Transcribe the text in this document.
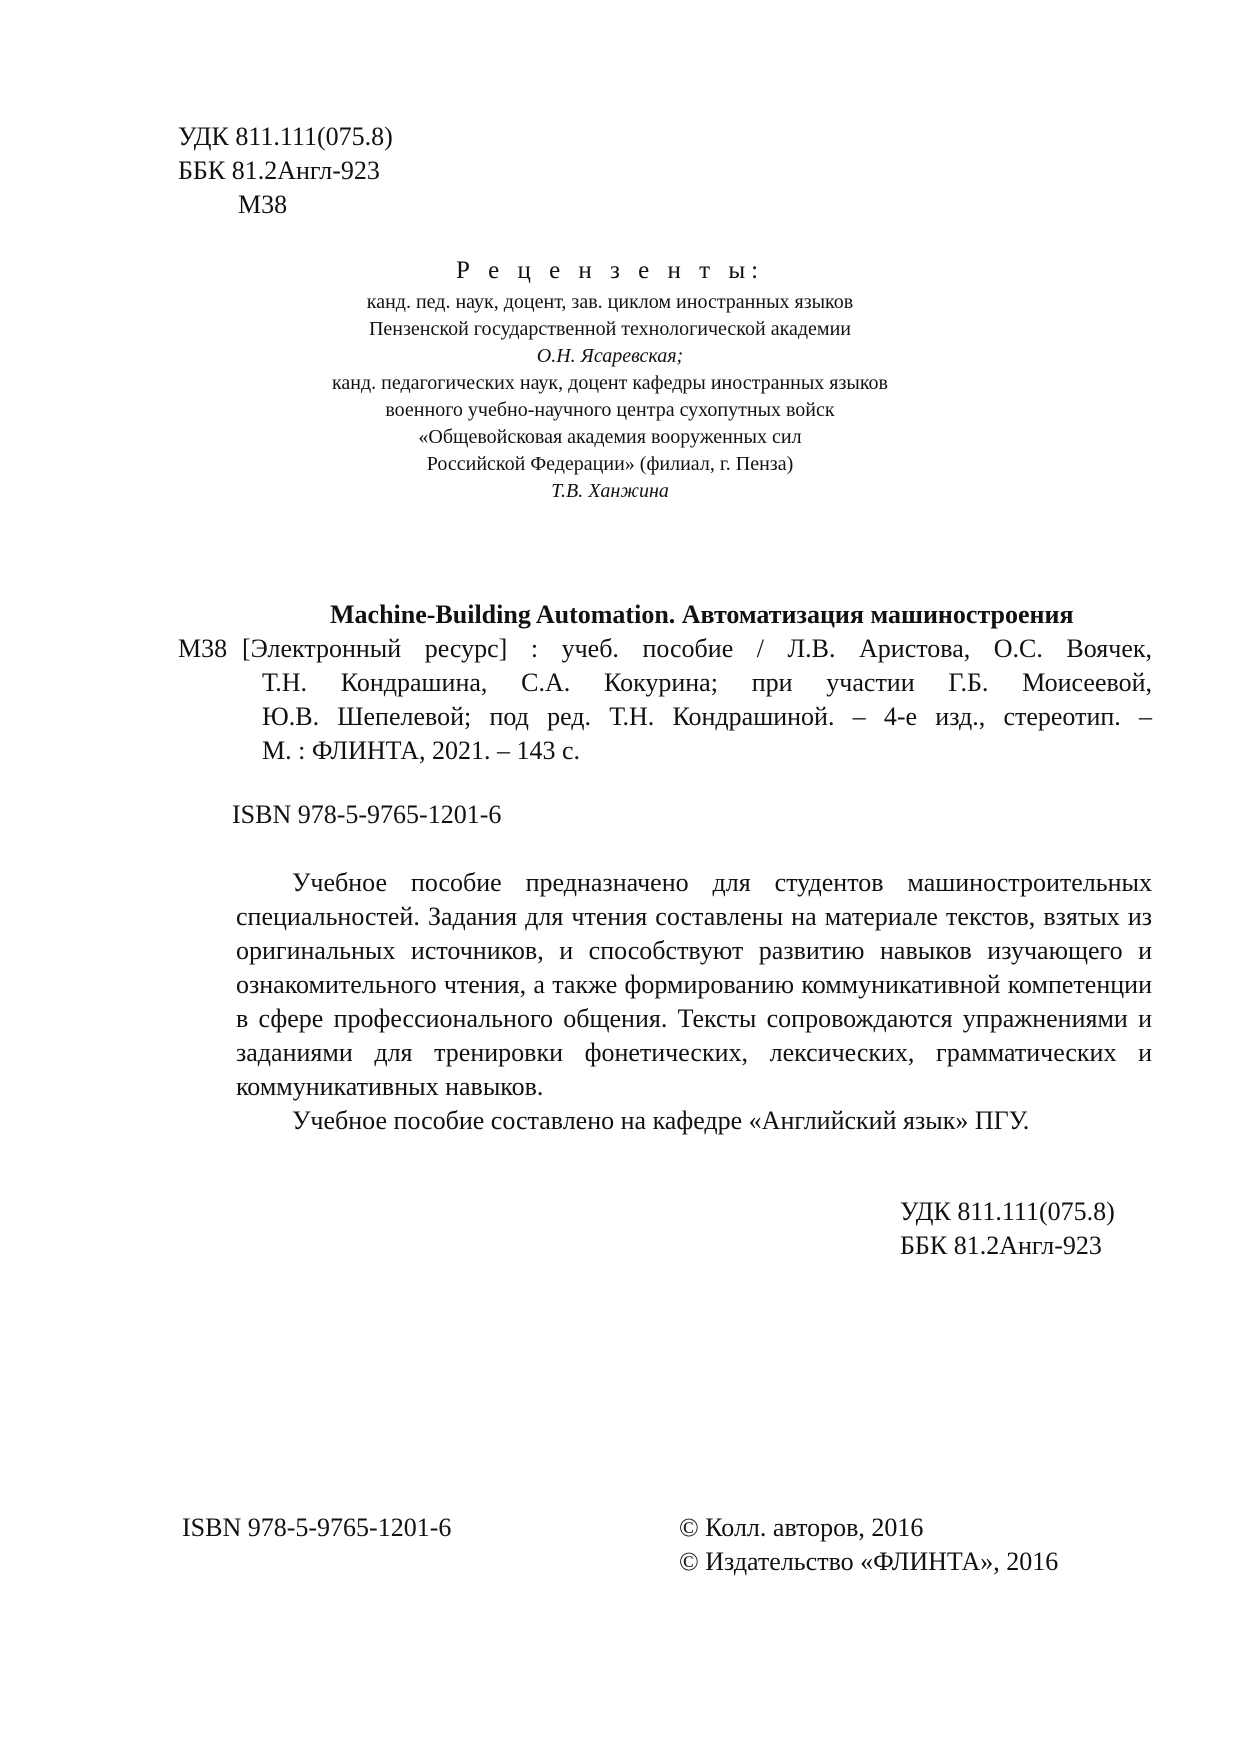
УДК 811.111(075.8)
ББК 81.2Англ-923
М38
Р е ц е н з е н т ы:
канд. пед. наук, доцент, зав. циклом иностранных языков
Пензенской государственной технологической академии
О.Н. Ясаревская;
канд. педагогических наук, доцент кафедры иностранных языков
военного учебно-научного центра сухопутных войск
«Общевойсковая академия вооруженных сил
Российской Федерации» (филиал, г. Пенза)
Т.В. Ханжина
Machine-Building Automation. Автоматизация машиностроения
М38 [Электронный ресурс] : учеб. пособие / Л.В. Аристова, О.С. Воячек,
Т.Н. Кондрашина, С.А. Кокурина; при участии Г.Б. Моисеевой,
Ю.В. Шепелевой; под ред. Т.Н. Кондрашиной. – 4-е изд., стереотип. –
М. : ФЛИНТА, 2021. – 143 с.
ISBN 978-5-9765-1201-6

Учебное пособие предназначено для студентов машиностроительных специальностей. Задания для чтения составлены на материале текстов, взятых из оригинальных источников, и способствуют развитию навыков изучающего и ознакомительного чтения, а также формированию коммуникативной компетенции в сфере профессионального общения. Тексты сопровождаются упражнениями и заданиями для тренировки фонетических, лексических, грамматических и коммуникативных навыков.

Учебное пособие составлено на кафедре «Английский язык» ПГУ.

УДК 811.111(075.8)
ББК 81.2Англ-923
ISBN 978-5-9765-1201-6	© Колл. авторов, 2016
© Издательство «ФЛИНТА», 2016
